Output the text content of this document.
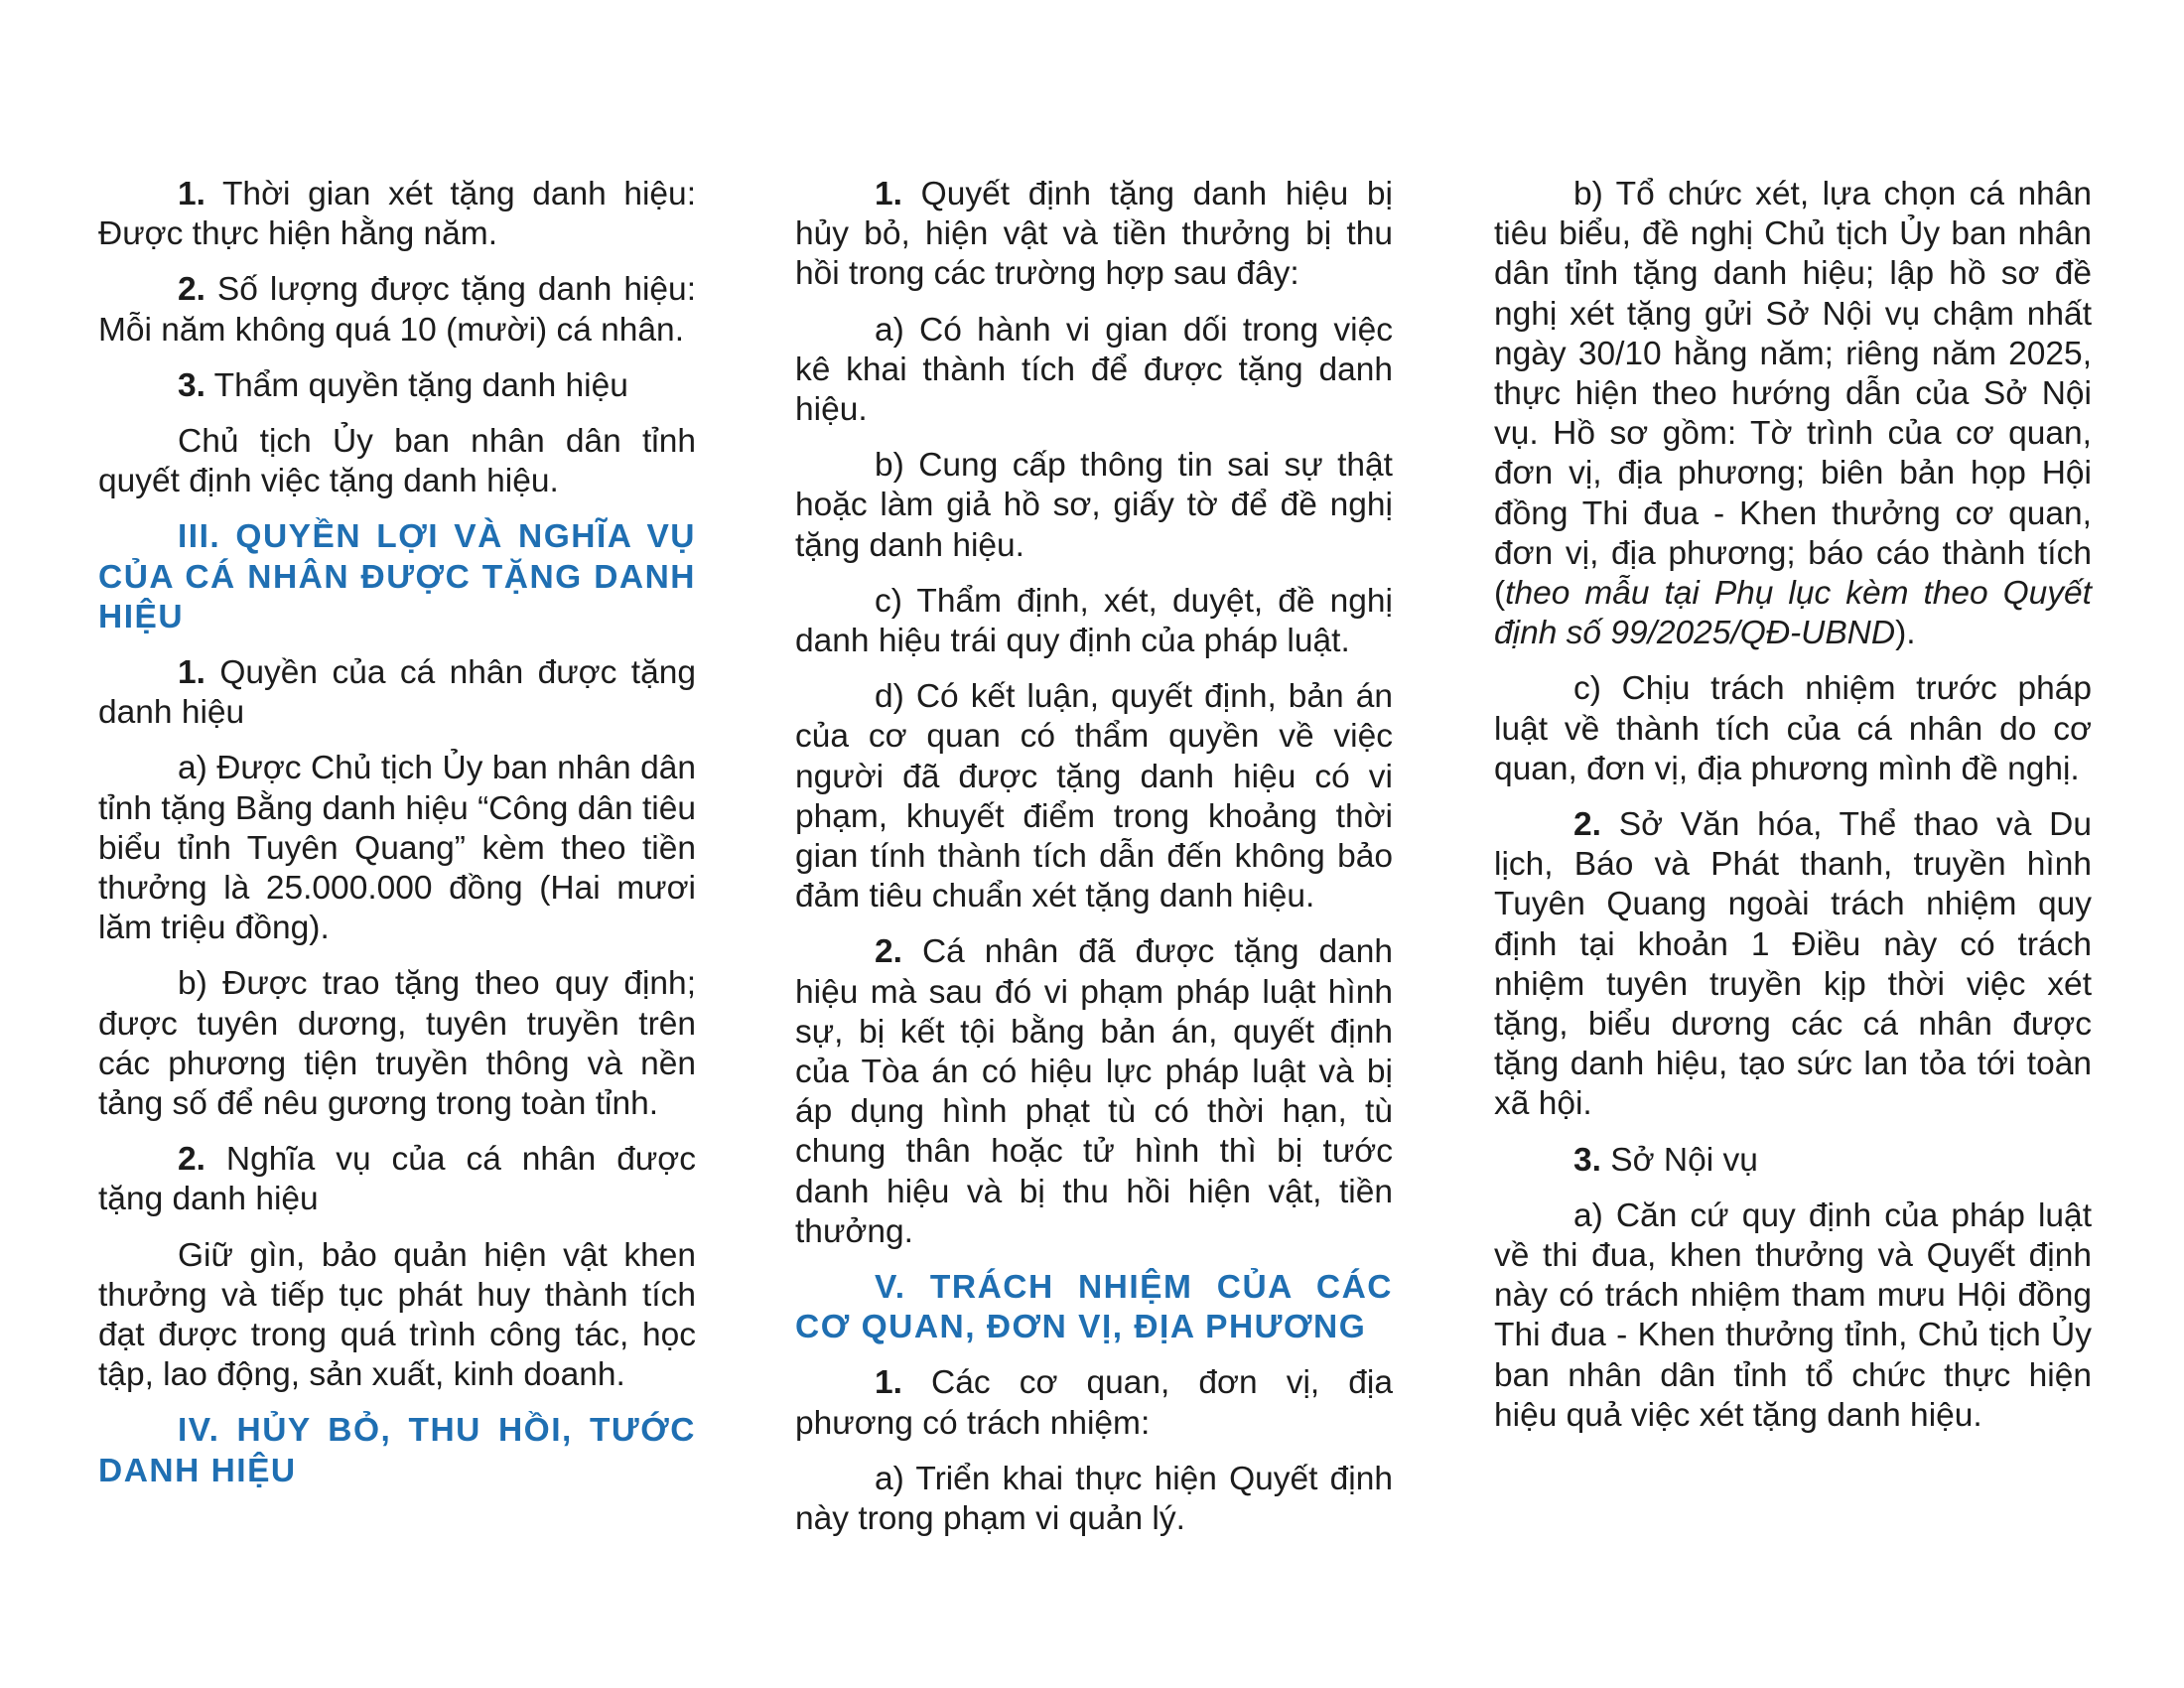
1. Thời gian xét tặng danh hiệu: Được thực hiện hằng năm.

2. Số lượng được tặng danh hiệu: Mỗi năm không quá 10 (mười) cá nhân.

3. Thẩm quyền tặng danh hiệu

Chủ tịch Ủy ban nhân dân tỉnh quyết định việc tặng danh hiệu.

III. QUYỀN LỢI VÀ NGHĨA VỤ CỦA CÁ NHÂN ĐƯỢC TẶNG DANH HIỆU

1. Quyền của cá nhân được tặng danh hiệu

a) Được Chủ tịch Ủy ban nhân dân tỉnh tặng Bằng danh hiệu “Công dân tiêu biểu tỉnh Tuyên Quang” kèm theo tiền thưởng là 25.000.000 đồng (Hai mươi lăm triệu đồng).

b) Được trao tặng theo quy định; được tuyên dương, tuyên truyền trên các phương tiện truyền thông và nền tảng số để nêu gương trong toàn tỉnh.

2. Nghĩa vụ của cá nhân được tặng danh hiệu

Giữ gìn, bảo quản hiện vật khen thưởng và tiếp tục phát huy thành tích đạt được trong quá trình công tác, học tập, lao động, sản xuất, kinh doanh.

IV. HỦY BỎ, THU HỒI, TƯỚC DANH HIỆU

1. Quyết định tặng danh hiệu bị hủy bỏ, hiện vật và tiền thưởng bị thu hồi trong các trường hợp sau đây:

a) Có hành vi gian dối trong việc kê khai thành tích để được tặng danh hiệu.

b) Cung cấp thông tin sai sự thật hoặc làm giả hồ sơ, giấy tờ để đề nghị tặng danh hiệu.

c) Thẩm định, xét, duyệt, đề nghị danh hiệu trái quy định của pháp luật.

d) Có kết luận, quyết định, bản án của cơ quan có thẩm quyền về việc người đã được tặng danh hiệu có vi phạm, khuyết điểm trong khoảng thời gian tính thành tích dẫn đến không bảo đảm tiêu chuẩn xét tặng danh hiệu.

2. Cá nhân đã được tặng danh hiệu mà sau đó vi phạm pháp luật hình sự, bị kết tội bằng bản án, quyết định của Tòa án có hiệu lực pháp luật và bị áp dụng hình phạt tù có thời hạn, tù chung thân hoặc tử hình thì bị tước danh hiệu và bị thu hồi hiện vật, tiền thưởng.

V. TRÁCH NHIỆM CỦA CÁC CƠ QUAN, ĐƠN VỊ, ĐỊA PHƯƠNG

1. Các cơ quan, đơn vị, địa phương có trách nhiệm:

a) Triển khai thực hiện Quyết định này trong phạm vi quản lý.

b) Tổ chức xét, lựa chọn cá nhân tiêu biểu, đề nghị Chủ tịch Ủy ban nhân dân tỉnh tặng danh hiệu; lập hồ sơ đề nghị xét tặng gửi Sở Nội vụ chậm nhất ngày 30/10 hằng năm; riêng năm 2025, thực hiện theo hướng dẫn của Sở Nội vụ. Hồ sơ gồm: Tờ trình của cơ quan, đơn vị, địa phương; biên bản họp Hội đồng Thi đua - Khen thưởng cơ quan, đơn vị, địa phương; báo cáo thành tích (theo mẫu tại Phụ lục kèm theo Quyết định số 99/2025/QĐ-UBND).

c) Chịu trách nhiệm trước pháp luật về thành tích của cá nhân do cơ quan, đơn vị, địa phương mình đề nghị.

2. Sở Văn hóa, Thể thao và Du lịch, Báo và Phát thanh, truyền hình Tuyên Quang ngoài trách nhiệm quy định tại khoản 1 Điều này có trách nhiệm tuyên truyền kịp thời việc xét tặng, biểu dương các cá nhân được tặng danh hiệu, tạo sức lan tỏa tới toàn xã hội.

3. Sở Nội vụ

a) Căn cứ quy định của pháp luật về thi đua, khen thưởng và Quyết định này có trách nhiệm tham mưu Hội đồng Thi đua - Khen thưởng tỉnh, Chủ tịch Ủy ban nhân dân tỉnh tổ chức thực hiện hiệu quả việc xét tặng danh hiệu.
